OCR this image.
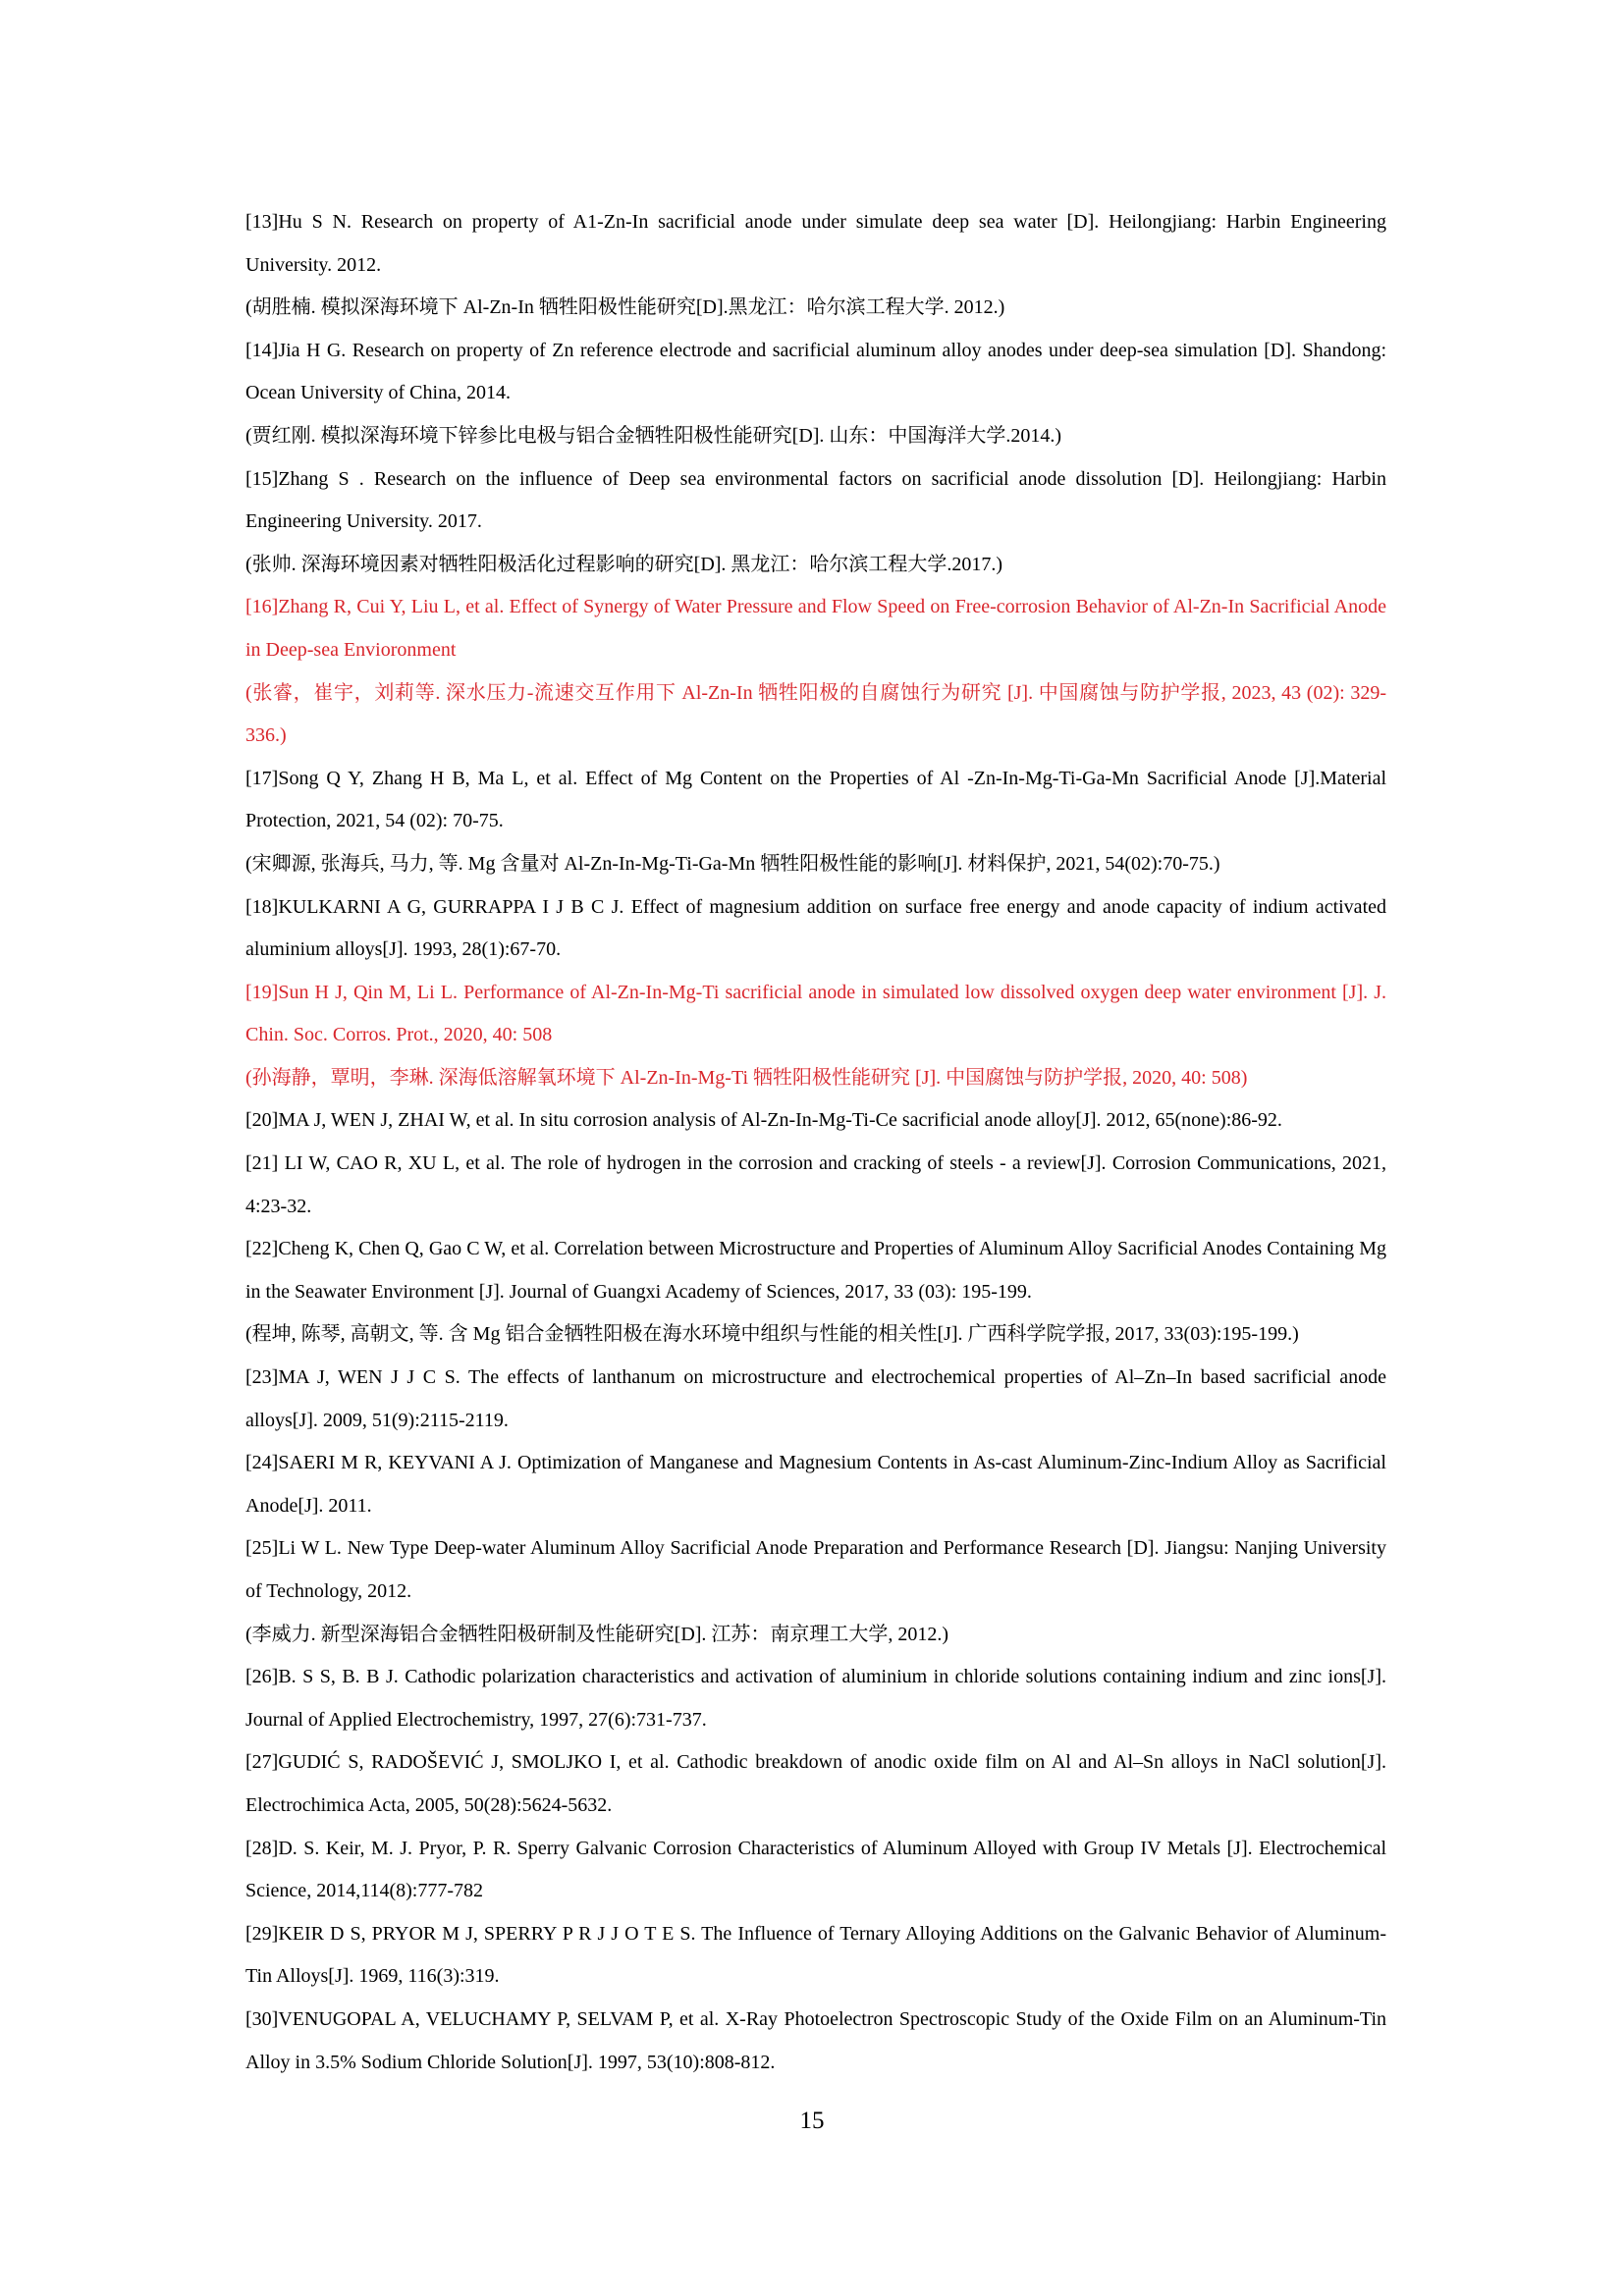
[13]Hu S N. Research on property of A1-Zn-In sacrificial anode under simulate deep sea water [D]. Heilongjiang: Harbin Engineering University. 2012.

(胡胜楠. 模拟深海环境下 Al-Zn-In 牺牲阳极性能研究[D].黑龙江：哈尔滨工程大学. 2012.)

[14]Jia H G. Research on property of Zn reference electrode and sacrificial aluminum alloy anodes under deep-sea simulation [D]. Shandong: Ocean University of China, 2014.

(贾红刚. 模拟深海环境下锌参比电极与铝合金牺牲阳极性能研究[D]. 山东：中国海洋大学.2014.)

[15]Zhang S . Research on the influence of Deep sea environmental factors on sacrificial anode dissolution [D]. Heilongjiang: Harbin Engineering University. 2017.

(张帅. 深海环境因素对牺牲阳极活化过程影响的研究[D]. 黑龙江：哈尔滨工程大学.2017.)

[16]Zhang R, Cui Y, Liu L, et al. Effect of Synergy of Water Pressure and Flow Speed on Free-corrosion Behavior of Al-Zn-In Sacrificial Anode in Deep-sea Envioronment

(张睿，崔宇，刘莉等. 深水压力-流速交互作用下 Al-Zn-In 牺牲阳极的自腐蚀行为研究 [J]. 中国腐蚀与防护学报, 2023, 43 (02): 329-336.)

[17]Song Q Y, Zhang H B, Ma L, et al. Effect of Mg Content on the Properties of Al -Zn-In-Mg-Ti-Ga-Mn Sacrificial Anode [J].Material Protection, 2021, 54 (02): 70-75.

(宋卿源, 张海兵, 马力, 等. Mg 含量对 Al-Zn-In-Mg-Ti-Ga-Mn 牺牲阳极性能的影响[J]. 材料保护, 2021, 54(02):70-75.)

[18]KULKARNI A G, GURRAPPA I J B C J. Effect of magnesium addition on surface free energy and anode capacity of indium activated aluminium alloys[J]. 1993, 28(1):67-70.

[19]Sun H J, Qin M, Li L. Performance of Al-Zn-In-Mg-Ti sacrificial anode in simulated low dissolved oxygen deep water environment [J]. J. Chin. Soc. Corros. Prot., 2020, 40: 508

(孙海静，覃明，李琳. 深海低溶解氧环境下 Al-Zn-In-Mg-Ti 牺牲阳极性能研究 [J]. 中国腐蚀与防护学报, 2020, 40: 508)

[20]MA J, WEN J, ZHAI W, et al. In situ corrosion analysis of Al-Zn-In-Mg-Ti-Ce sacrificial anode alloy[J]. 2012, 65(none):86-92.

[21] LI W, CAO R, XU L, et al. The role of hydrogen in the corrosion and cracking of steels - a review[J]. Corrosion Communications, 2021, 4:23-32.

[22]Cheng K, Chen Q, Gao C W, et al. Correlation between Microstructure and Properties of Aluminum Alloy Sacrificial Anodes Containing Mg in the Seawater Environment [J]. Journal of Guangxi Academy of Sciences, 2017, 33 (03): 195-199.

(程坤, 陈琴, 高朝文, 等. 含 Mg 铝合金牺牲阳极在海水环境中组织与性能的相关性[J]. 广西科学院学报, 2017, 33(03):195-199.)

[23]MA J, WEN J J C S. The effects of lanthanum on microstructure and electrochemical properties of Al–Zn–In based sacrificial anode alloys[J]. 2009, 51(9):2115-2119.

[24]SAERI M R, KEYVANI A J. Optimization of Manganese and Magnesium Contents in As-cast Aluminum-Zinc-Indium Alloy as Sacrificial Anode[J]. 2011.

[25]Li W L. New Type Deep-water Aluminum Alloy Sacrificial Anode Preparation and Performance Research [D]. Jiangsu: Nanjing University of Technology, 2012.

(李威力. 新型深海铝合金牺牲阳极研制及性能研究[D]. 江苏：南京理工大学, 2012.)

[26]B. S S, B. B J. Cathodic polarization characteristics and activation of aluminium in chloride solutions containing indium and zinc ions[J]. Journal of Applied Electrochemistry, 1997, 27(6):731-737.

[27]GUDIĆ S, RADOŠEVIĆ J, SMOLJKO I, et al. Cathodic breakdown of anodic oxide film on Al and Al–Sn alloys in NaCl solution[J]. Electrochimica Acta, 2005, 50(28):5624-5632.

[28]D. S. Keir, M. J. Pryor, P. R. Sperry Galvanic Corrosion Characteristics of Aluminum Alloyed with Group IV Metals [J]. Electrochemical Science, 2014,114(8):777-782

[29]KEIR D S, PRYOR M J, SPERRY P R J J O T E S. The Influence of Ternary Alloying Additions on the Galvanic Behavior of Aluminum‐Tin Alloys[J]. 1969, 116(3):319.

[30]VENUGOPAL A, VELUCHAMY P, SELVAM P, et al. X-Ray Photoelectron Spectroscopic Study of the Oxide Film on an Aluminum-Tin Alloy in 3.5% Sodium Chloride Solution[J]. 1997, 53(10):808-812.

15
